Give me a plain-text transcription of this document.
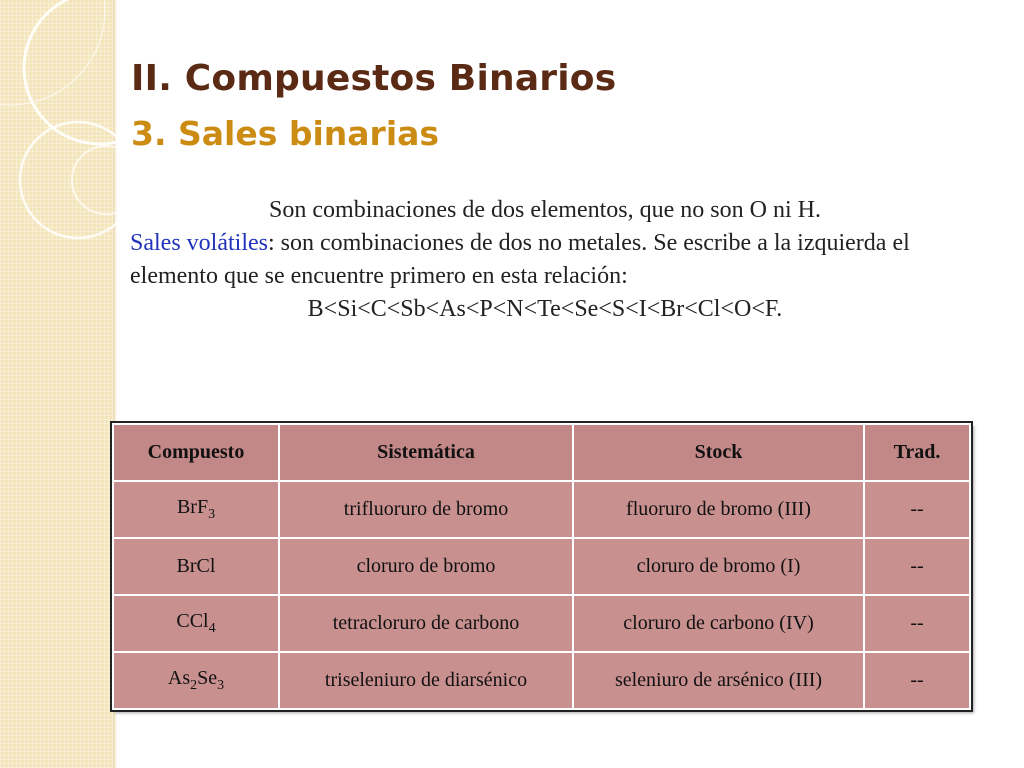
II. Compuestos Binarios
3. Sales binarias
Son combinaciones de dos elementos, que no son O ni H.
Sales volátiles: son combinaciones de dos no metales. Se escribe a la izquierda el elemento que se encuentre primero en esta relación:
B<Si<C<Sb<As<P<N<Te<Se<S<I<Br<Cl<O<F.
Compuesto	Sistemática	Stock	Trad.
BrF$_3$	trifluoruro de bromo	fluoruro de bromo (III)	--
BrCl	cloruro de bromo	cloruro de bromo (I)	--
CCl$_4$	tetracloruro de carbono	cloruro de carbono (IV)	--
$As_2Se_3$	triseleniuro de diarsénico	seleniuro de arsénico (III)	--
